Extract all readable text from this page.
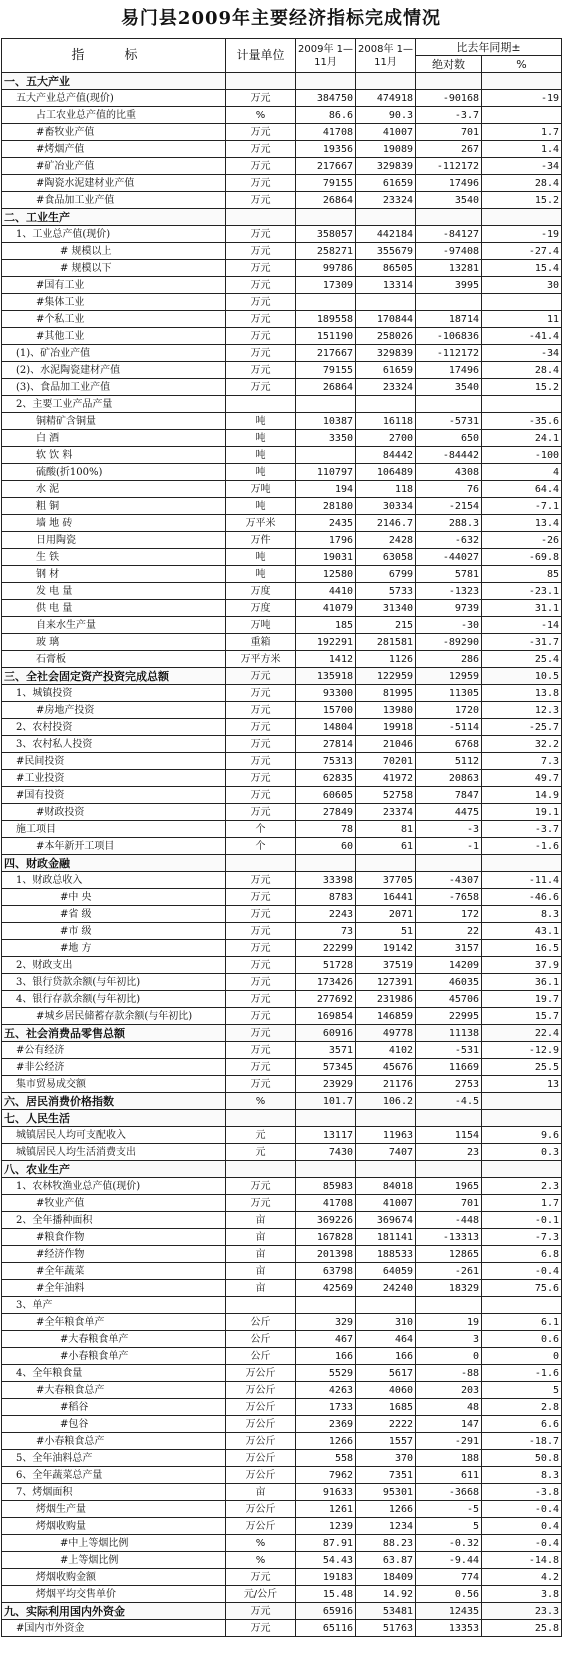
易门县2009年主要经济指标完成情况
指 标	计量单位	2009年 1—11月	2008年 1—11月	比去年同期±	
				绝对数	%
一、五大产业					
五大产业总产值(现价)	万元	384750	474918	-90168	-19
占工农业总产值的比重	%	86.6	90.3	-3.7	
#畜牧业产值	万元	41708	41007	701	1.7
#烤烟产值	万元	19356	19089	267	1.4
#矿冶业产值	万元	217667	329839	-112172	-34
#陶瓷水泥建材业产值	万元	79155	61659	17496	28.4
#食品加工业产值	万元	26864	23324	3540	15.2
二、工业生产					
1、工业总产值(现价)	万元	358057	442184	-84127	-19
# 规模以上	万元	258271	355679	-97408	-27.4
# 规模以下	万元	99786	86505	13281	15.4
#国有工业	万元	17309	13314	3995	30
#集体工业	万元				
#个私工业	万元	189558	170844	18714	11
#其他工业	万元	151190	258026	-106836	-41.4
(1)、矿冶业产值	万元	217667	329839	-112172	-34
(2)、水泥陶瓷建材产值	万元	79155	61659	17496	28.4
(3)、食品加工业产值	万元	26864	23324	3540	15.2
2、主要工业产品产量					
铜精矿含铜量	吨	10387	16118	-5731	-35.6
白 酒	吨	3350	2700	650	24.1
软 饮 料	吨		84442	-84442	-100
硫酸(折100%)	吨	110797	106489	4308	4
水 泥	万吨	194	118	76	64.4
粗 铜	吨	28180	30334	-2154	-7.1
墙 地 砖	万平米	2435	2146.7	288.3	13.4
日用陶瓷	万件	1796	2428	-632	-26
生 铁	吨	19031	63058	-44027	-69.8
钢 材	吨	12580	6799	5781	85
发 电 量	万度	4410	5733	-1323	-23.1
供 电 量	万度	41079	31340	9739	31.1
自来水生产量	万吨	185	215	-30	-14
玻 璃	重箱	192291	281581	-89290	-31.7
石膏板	万平方米	1412	1126	286	25.4
三、全社会固定资产投资完成总额	万元	135918	122959	12959	10.5
1、城镇投资	万元	93300	81995	11305	13.8
#房地产投资	万元	15700	13980	1720	12.3
2、农村投资	万元	14804	19918	-5114	-25.7
3、农村私人投资	万元	27814	21046	6768	32.2
#民间投资	万元	75313	70201	5112	7.3
#工业投资	万元	62835	41972	20863	49.7
#国有投资	万元	60605	52758	7847	14.9
#财政投资	万元	27849	23374	4475	19.1
施工项目	个	78	81	-3	-3.7
#本年新开工项目	个	60	61	-1	-1.6
四、财政金融					
1、财政总收入	万元	33398	37705	-4307	-11.4
#中 央	万元	8783	16441	-7658	-46.6
#省 级	万元	2243	2071	172	8.3
#市 级	万元	73	51	22	43.1
#地 方	万元	22299	19142	3157	16.5
2、财政支出	万元	51728	37519	14209	37.9
3、银行贷款余额(与年初比)	万元	173426	127391	46035	36.1
4、银行存款余额(与年初比)	万元	277692	231986	45706	19.7
#城乡居民储蓄存款余额(与年初比)	万元	169854	146859	22995	15.7
五、社会消费品零售总额	万元	60916	49778	11138	22.4
#公有经济	万元	3571	4102	-531	-12.9
#非公经济	万元	57345	45676	11669	25.5
集市贸易成交额	万元	23929	21176	2753	13
六、居民消费价格指数	%	101.7	106.2	-4.5	
七、人民生活					
城镇居民人均可支配收入	元	13117	11963	1154	9.6
城镇居民人均生活消费支出	元	7430	7407	23	0.3
八、农业生产					
1、农林牧渔业总产值(现价)	万元	85983	84018	1965	2.3
#牧业产值	万元	41708	41007	701	1.7
2、全年播种面积	亩	369226	369674	-448	-0.1
#粮食作物	亩	167828	181141	-13313	-7.3
#经济作物	亩	201398	188533	12865	6.8
#全年蔬菜	亩	63798	64059	-261	-0.4
#全年油料	亩	42569	24240	18329	75.6
3、单产					
#全年粮食单产	公斤	329	310	19	6.1
#大春粮食单产	公斤	467	464	3	0.6
#小春粮食单产	公斤	166	166	0	0
4、全年粮食量	万公斤	5529	5617	-88	-1.6
#大春粮食总产	万公斤	4263	4060	203	5
#稻谷	万公斤	1733	1685	48	2.8
#包谷	万公斤	2369	2222	147	6.6
#小春粮食总产	万公斤	1266	1557	-291	-18.7
5、全年油料总产	万公斤	558	370	188	50.8
6、全年蔬菜总产量	万公斤	7962	7351	611	8.3
7、烤烟面积	亩	91633	95301	-3668	-3.8
烤烟生产量	万公斤	1261	1266	-5	-0.4
烤烟收购量	万公斤	1239	1234	5	0.4
#中上等烟比例	%	87.91	88.23	-0.32	-0.4
#上等烟比例	%	54.43	63.87	-9.44	-14.8
烤烟收购金额	万元	19183	18409	774	4.2
烤烟平均交售单价	元/公斤	15.48	14.92	0.56	3.8
九、实际利用国内外资金	万元	65916	53481	12435	23.3
#国内市外资金	万元	65116	51763	13353	25.8
